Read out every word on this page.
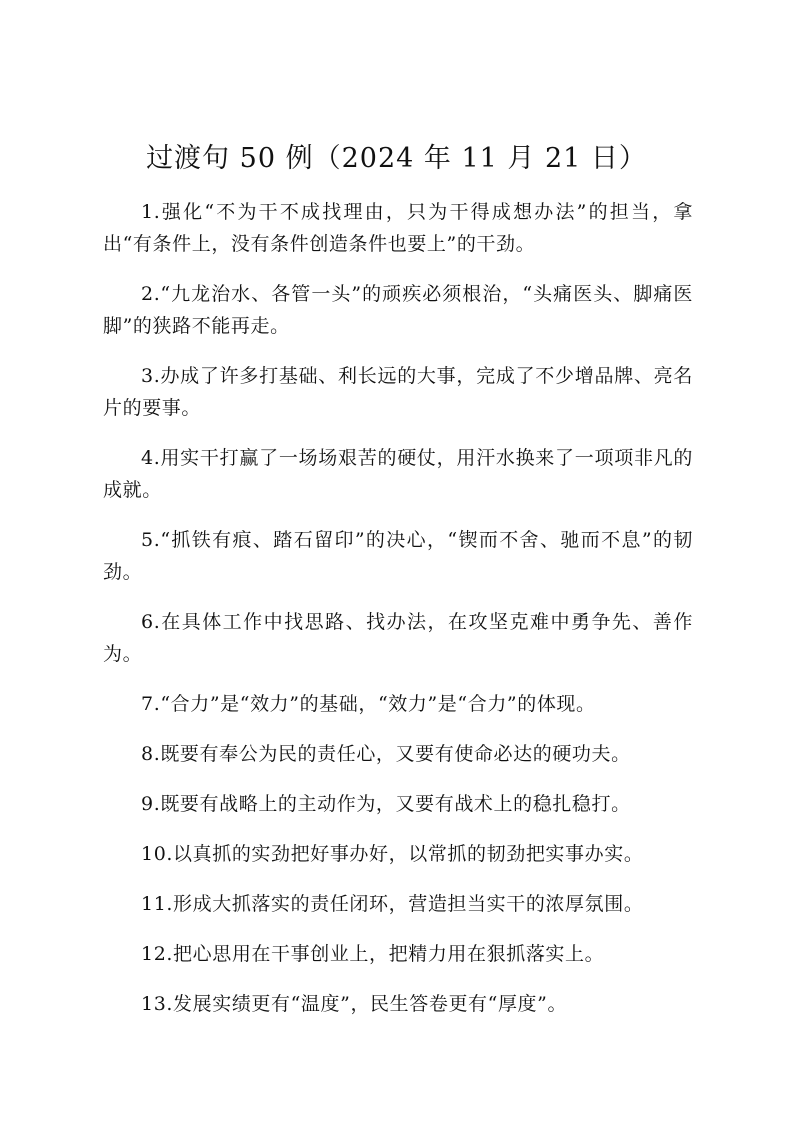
过渡句 50 例（2024 年 11 月 21 日）
1.强化“不为干不成找理由，只为干得成想办法”的担当，拿出“有条件上，没有条件创造条件也要上”的干劲。
2.“九龙治水、各管一头”的顽疾必须根治，“头痛医头、脚痛医脚”的狭路不能再走。
3.办成了许多打基础、利长远的大事，完成了不少增品牌、亮名片的要事。
4.用实干打赢了一场场艰苦的硬仗，用汗水换来了一项项非凡的成就。
5.“抓铁有痕、踏石留印”的决心，“锲而不舍、驰而不息”的韧劲。
6.在具体工作中找思路、找办法，在攻坚克难中勇争先、善作为。
7.“合力”是“效力”的基础，“效力”是“合力”的体现。
8.既要有奉公为民的责任心，又要有使命必达的硬功夫。
9.既要有战略上的主动作为，又要有战术上的稳扎稳打。
10.以真抓的实劲把好事办好，以常抓的韧劲把实事办实。
11.形成大抓落实的责任闭环，营造担当实干的浓厚氛围。
12.把心思用在干事创业上，把精力用在狠抓落实上。
13.发展实绩更有“温度”，民生答卷更有“厚度”。
